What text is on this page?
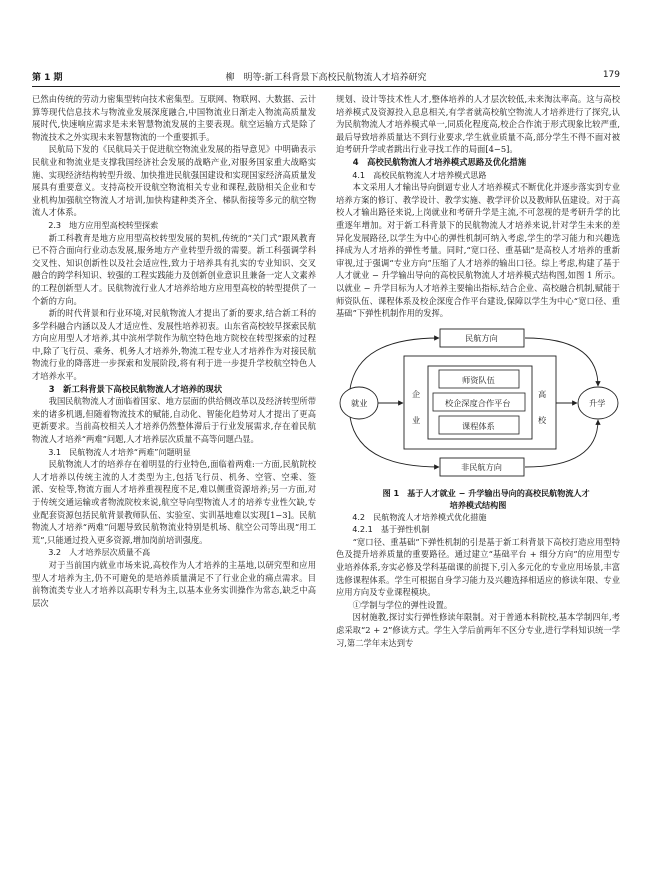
第 1 期	柳　明等:新工科背景下高校民航物流人才培养研究	179

已然由传统的劳动力密集型转向技术密集型。互联网、物联网、大数据、云计算等现代信息技术与物流业发展深度融合,中国物流业日渐走入物流高质量发展时代,快速响应需求是未来智慧物流发展的主要表现。航空运输方式是除了物流技术之外实现未来智慧物流的一个重要抓手。

民航局下发的《民航局关于促进航空物流业发展的指导意见》中明确表示民航业和物流业是支撑我国经济社会发展的战略产业,对服务国家重大战略实施、实现经济结构转型升级、加快推进民航强国建设和实现国家经济高质量发展具有重要意义。支持高校开设航空物流相关专业和课程,鼓励相关企业和专业机构加强航空物流人才培训,加快构建种类齐全、梯队衔接等多元的航空物流人才体系。

2.3　地方应用型高校转型探索

新工科教育是地方应用型高校转型发展的契机,传统的“关门式”跟风教育已不符合面向行业动态发展,服务地方产业转型升级的需要。新工科强调学科交叉性、知识创新性以及社会适应性,致力于培养具有扎实的专业知识、交叉融合的跨学科知识、较强的工程实践能力及创新创业意识且兼备一定人文素养的工程创新型人才。民航物流行业人才培养给地方应用型高校的转型提供了一个新的方向。

新的时代背景和行业环境,对民航物流人才提出了新的要求,结合新工科的多学科融合内涵以及人才适应性、发展性培养初衷。山东省高校较早探索民航方向应用型人才培养,其中滨州学院作为航空特色地方院校在转型探索的过程中,除了飞行员、乘务、机务人才培养外,物流工程专业人才培养作为对接民航物流行业的降落进一步探索和发展阶段,将有利于进一步提升学校航空特色人才培养水平。

3　新工科背景下高校民航物流人才培养的现状

我国民航物流人才面临着国家、地方层面的供给侧改革以及经济转型所带来的诸多机遇,但随着物流技术的赋能,自动化、智能化趋势对人才提出了更高更新要求。当前高校相关人才培养仍然整体滞后于行业发展需求,存在着民航物流人才培养“两难”问题,人才培养层次质量不高等问题凸显。

3.1　民航物流人才培养“两难”问题明显

民航物流人才的培养存在着明显的行业特色,面临着两难:一方面,民航院校人才培养以传统主流的人才类型为主,包括飞行员、机务、空管、空乘、签派、安检等,物流方面人才培养重视程度不足,难以侧重资源培养;另一方面,对于传统交通运输或者物流院校来说,航空导向型物流人才的培养专业性欠缺,专业配套资源包括民航背景教师队伍、实验室、实训基地难以实现[1−3]。民航物流人才培养“两难”问题导致民航物流业特别是机场、航空公司等出现“用工荒”,只能通过投入更多资源,增加岗前培训强度。

3.2　人才培养层次质量不高

对于当前国内就业市场来说,高校作为人才培养的主基地,以研究型和应用型人才培养为主,仍不可避免的是培养质量满足不了行业企业的痛点需求。目前物流类专业人才培养以高职专科为主,以基本业务实训操作为常态,缺乏中高层次

规划、设计等技术性人才,整体培养的人才层次较低,未来淘汰率高。这与高校培养模式及资源投入息息相关,有学者就高校航空物流人才培养进行了探究,认为民航物流人才培养模式单一,同质化程度高,校企合作流于形式现象比较严重,最后导致培养质量达不到行业要求,学生就业质量不高,部分学生不得不面对被迫考研升学或者跳出行业寻找工作的局面[4−5]。

4　高校民航物流人才培养模式思路及优化措施

4.1　高校民航物流人才培养模式思路

本文采用人才输出导向倒逼专业人才培养模式不断优化并逐步落实到专业培养方案的修订、教学设计、教学实施、教学评价以及教师队伍建设。对于高校人才输出路径来说,上岗就业和考研升学是主流,不可忽视的是考研升学的比重逐年增加。对于新工科背景下的民航物流人才培养来说,针对学生未来的差异化发展路径,以学生为中心的弹性机制可纳入考虑,学生的学习能力和兴趣选择成为人才培养的弹性考量。同时,“宽口径、重基础”是高校人才培养的重新审视,过于强调“专业方向”压缩了人才培养的输出口径。综上考虑,构建了基于人才就业 − 升学输出导向的高校民航物流人才培养模式结构图,如图 1 所示。以就业 − 升学目标为人才培养主要输出指标,结合企业、高校融合机制,赋能于师资队伍、课程体系及校企深度合作平台建设,保障以学生为中心“宽口径、重基础”下弹性机制作用的发挥。

民航方向
非民航方向
就业	升学
企业
高校
师资队伍
校企深度合作平台
课程体系

图 1　基于人才就业 − 升学输出导向的高校民航物流人才
培养模式结构图

4.2　民航物流人才培养模式优化措施

4.2.1　基于弹性机制

“宽口径、重基础”下弹性机制的引是基于新工科背景下高校打造应用型特色及提升培养质量的重要路径。通过建立“基础平台 + 细分方向”的应用型专业培养体系,夯实必修及学科基础课的前提下,引入多元化的专业应用场景,丰富选修课程体系。学生可根据自身学习能力及兴趣选择相适应的修读年限、专业应用方向及专业课程模块。

①学制与学位的弹性设置。

因材施教,探讨实行弹性修读年限制。对于普通本科院校,基本学制四年,考虑采取“2 + 2”修读方式。学生入学后前两年不区分专业,进行学科知识统一学习,第二学年末达到专
